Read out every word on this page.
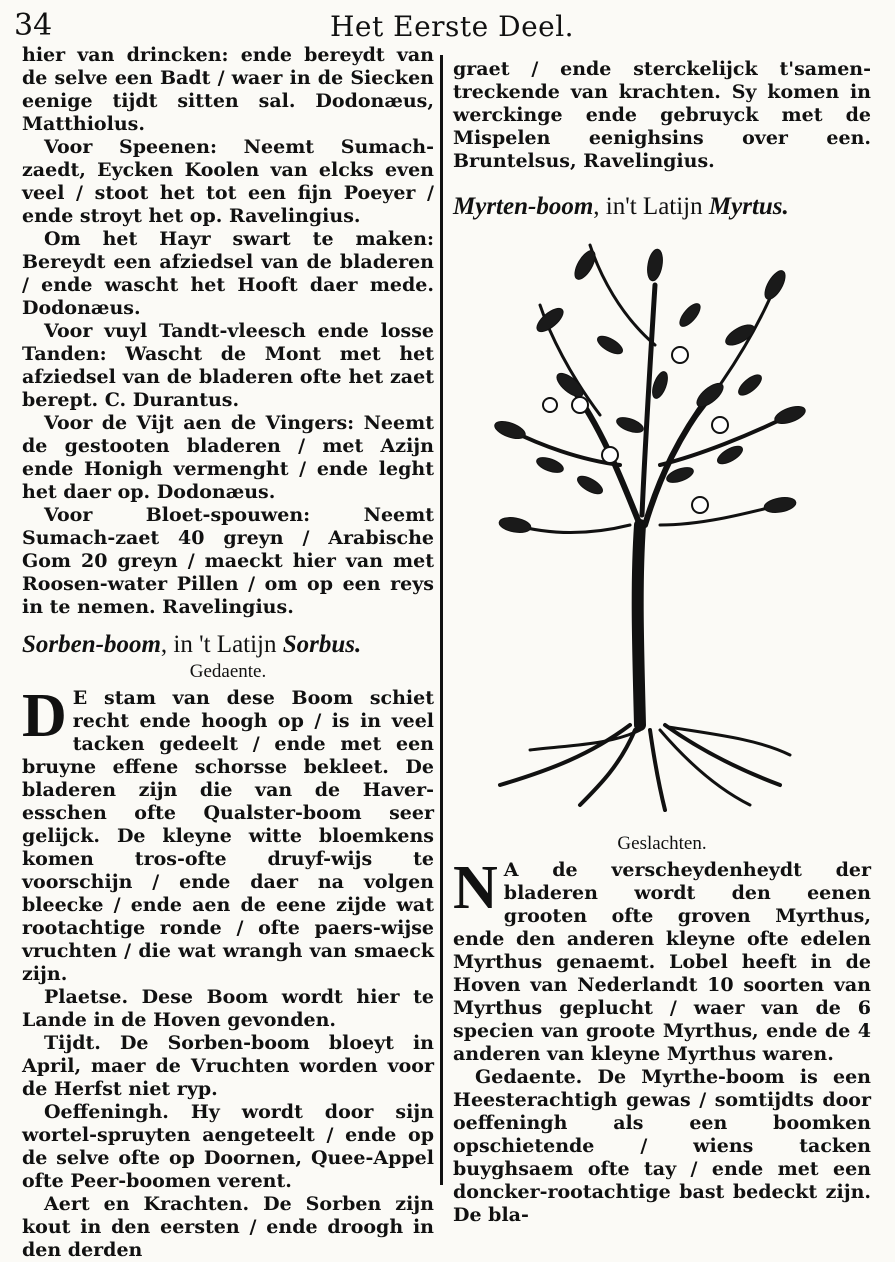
34	Het Eerste Deel.

hier van drincken: ende bereydt van de selve een Badt / waer in de Siecken eenige tijdt sitten sal. Dodonæus, Matthiolus.

Voor Speenen: Neemt Sumach-zaedt, Eycken Koolen van elcks even veel / stoot het tot een fijn Poeyer / ende stroyt het op. Ravelingius.

Om het Hayr swart te maken: Bereydt een afziedsel van de bladeren / ende wascht het Hooft daer mede. Dodonæus.

Voor vuyl Tandt-vleesch ende losse Tanden: Wascht de Mont met het afziedsel van de bladeren ofte het zaet berept. C. Durantus.

Voor de Vijt aen de Vingers: Neemt de gestooten bladeren / met Azijn ende Honigh vermenght / ende leght het daer op. Dodonæus.

Voor Bloet-spouwen: Neemt Sumach-zaet 40 greyn / Arabische Gom 20 greyn / maeckt hier van met Roosen-water Pillen / om op een reys in te nemen. Ravelingius.

Sorben-boom, in 't Latijn Sorbus.
Gedaente.

D E stam van dese Boom schiet recht ende hoogh op / is in veel tacken gedeelt / ende met een bruyne effene schorsse bekleet. De bladeren zijn die van de Haver-esschen ofte Qualster-boom seer gelijck. De kleyne witte bloemkens komen tros-ofte druyf-wijs te voorschijn / ende daer na volgen bleecke / ende aen de eene zijde wat rootachtige ronde / ofte paers-wijse vruchten / die wat wrangh van smaeck zijn.

Plaetse. Dese Boom wordt hier te Lande in de Hoven gevonden.

Tijdt. De Sorben-boom bloeyt in April, maer de Vruchten worden voor de Herfst niet ryp.

Oeffeningh. Hy wordt door sijn wortel-spruyten aengeteelt / ende op de selve ofte op Doornen, Quee-Appel ofte Peer-boomen verent.

Aert en Krachten. De Sorben zijn kout in den eersten / ende droogh in den derden

graet / ende sterckelijck t'samen-treckende van krachten. Sy komen in werckinge ende gebruyck met de Mispelen eenighsins over een. Bruntelsus, Ravelingius.

Myrten-boom, in't Latijn Myrtus.
Geslachten.

N A de verscheydenheydt der bladeren wordt den eenen grooten ofte groven Myrthus, ende den anderen kleyne ofte edelen Myrthus genaemt. Lobel heeft in de Hoven van Nederlandt 10 soorten van Myrthus geplucht / waer van de 6 specien van groote Myrthus, ende de 4 anderen van kleyne Myrthus waren.

Gedaente. De Myrthe-boom is een Heesterachtigh gewas / somtijdts door oeffeningh als een boomken opschietende / wiens tacken buyghsaem ofte tay / ende met een doncker-rootachtige bast bedeckt zijn. De bla-
